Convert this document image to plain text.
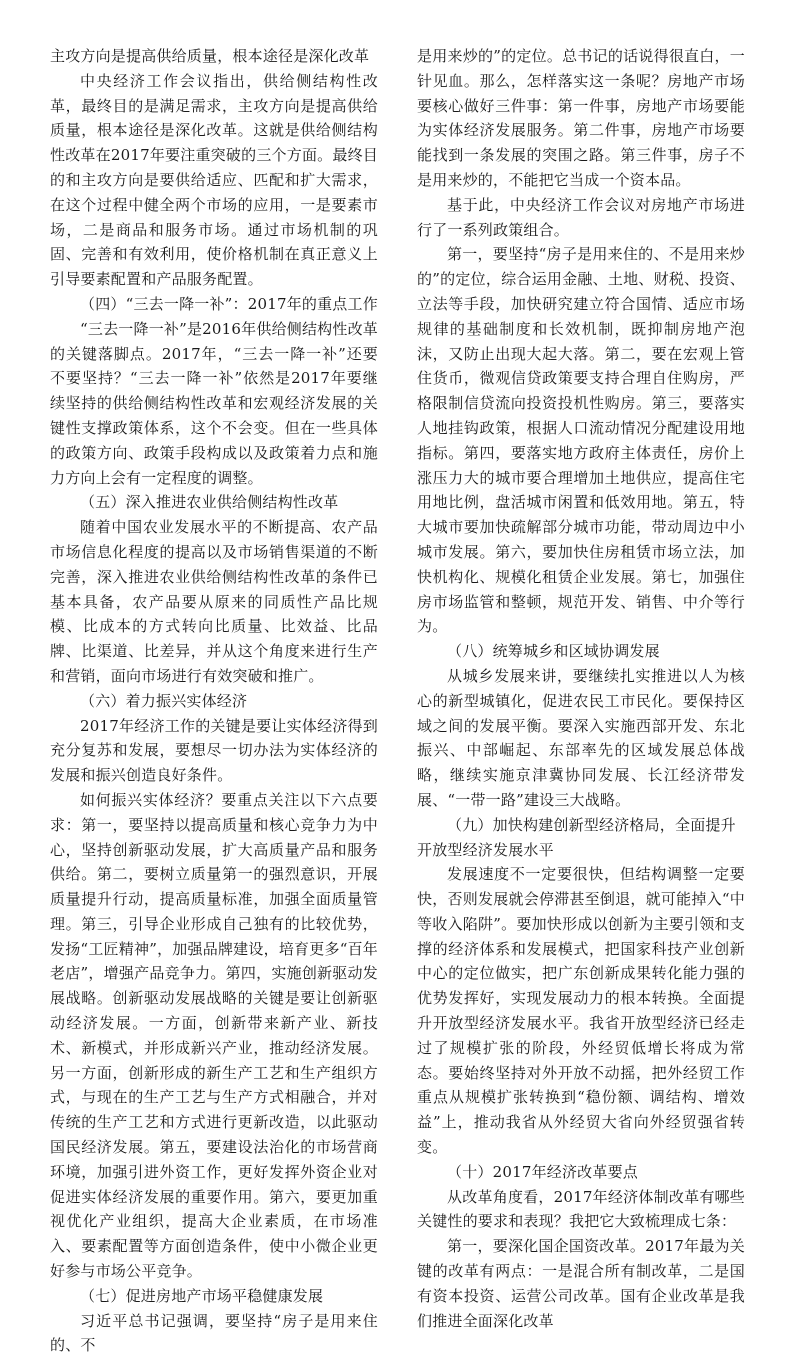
主攻方向是提高供给质量，根本途径是深化改革

中央经济工作会议指出，供给侧结构性改革，最终目的是满足需求，主攻方向是提高供给质量，根本途径是深化改革。这就是供给侧结构性改革在2017年要注重突破的三个方面。最终目的和主攻方向是要供给适应、匹配和扩大需求，在这个过程中健全两个市场的应用，一是要素市场，二是商品和服务市场。通过市场机制的巩固、完善和有效利用，使价格机制在真正意义上引导要素配置和产品服务配置。

（四）“三去一降一补”：2017年的重点工作

“三去一降一补”是2016年供给侧结构性改革的关键落脚点。2017年，“三去一降一补”还要不要坚持？“三去一降一补”依然是2017年要继续坚持的供给侧结构性改革和宏观经济发展的关键性支撑政策体系，这个不会变。但在一些具体的政策方向、政策手段构成以及政策着力点和施力方向上会有一定程度的调整。

（五）深入推进农业供给侧结构性改革

随着中国农业发展水平的不断提高、农产品市场信息化程度的提高以及市场销售渠道的不断完善，深入推进农业供给侧结构性改革的条件已基本具备，农产品要从原来的同质性产品比规模、比成本的方式转向比质量、比效益、比品牌、比渠道、比差异，并从这个角度来进行生产和营销，面向市场进行有效突破和推广。

（六）着力振兴实体经济

2017年经济工作的关键是要让实体经济得到充分复苏和发展，要想尽一切办法为实体经济的发展和振兴创造良好条件。

如何振兴实体经济？要重点关注以下六点要求：第一，要坚持以提高质量和核心竞争力为中心，坚持创新驱动发展，扩大高质量产品和服务供给。第二，要树立质量第一的强烈意识，开展质量提升行动，提高质量标准，加强全面质量管理。第三，引导企业形成自己独有的比较优势，发扬“工匠精神”，加强品牌建设，培育更多“百年老店”，增强产品竞争力。第四，实施创新驱动发展战略。创新驱动发展战略的关键是要让创新驱动经济发展。一方面，创新带来新产业、新技术、新模式，并形成新兴产业，推动经济发展。另一方面，创新形成的新生产工艺和生产组织方式，与现在的生产工艺与生产方式相融合，并对传统的生产工艺和方式进行更新改造，以此驱动国民经济发展。第五，要建设法治化的市场营商环境，加强引进外资工作，更好发挥外资企业对促进实体经济发展的重要作用。第六，要更加重视优化产业组织，提高大企业素质，在市场准入、要素配置等方面创造条件，使中小微企业更好参与市场公平竞争。

（七）促进房地产市场平稳健康发展

习近平总书记强调，要坚持“房子是用来住的、不

是用来炒的”的定位。总书记的话说得很直白，一针见血。那么，怎样落实这一条呢？房地产市场要核心做好三件事：第一件事，房地产市场要能为实体经济发展服务。第二件事，房地产市场要能找到一条发展的突围之路。第三件事，房子不是用来炒的，不能把它当成一个资本品。

基于此，中央经济工作会议对房地产市场进行了一系列政策组合。

第一，要坚持“房子是用来住的、不是用来炒的”的定位，综合运用金融、土地、财税、投资、立法等手段，加快研究建立符合国情、适应市场规律的基础制度和长效机制，既抑制房地产泡沫，又防止出现大起大落。第二，要在宏观上管住货币，微观信贷政策要支持合理自住购房，严格限制信贷流向投资投机性购房。第三，要落实人地挂钩政策，根据人口流动情况分配建设用地指标。第四，要落实地方政府主体责任，房价上涨压力大的城市要合理增加土地供应，提高住宅用地比例，盘活城市闲置和低效用地。第五，特大城市要加快疏解部分城市功能，带动周边中小城市发展。第六，要加快住房租赁市场立法，加快机构化、规模化租赁企业发展。第七，加强住房市场监管和整顿，规范开发、销售、中介等行为。

（八）统筹城乡和区域协调发展

从城乡发展来讲，要继续扎实推进以人为核心的新型城镇化，促进农民工市民化。要保持区域之间的发展平衡。要深入实施西部开发、东北振兴、中部崛起、东部率先的区域发展总体战略，继续实施京津冀协同发展、长江经济带发展、“一带一路”建设三大战略。

（九）加快构建创新型经济格局，全面提升开放型经济发展水平

发展速度不一定要很快，但结构调整一定要快，否则发展就会停滞甚至倒退，就可能掉入“中等收入陷阱”。要加快形成以创新为主要引领和支撑的经济体系和发展模式，把国家科技产业创新中心的定位做实，把广东创新成果转化能力强的优势发挥好，实现发展动力的根本转换。全面提升开放型经济发展水平。我省开放型经济已经走过了规模扩张的阶段，外经贸低增长将成为常态。要始终坚持对外开放不动摇，把外经贸工作重点从规模扩张转换到“稳份额、调结构、增效益”上，推动我省从外经贸大省向外经贸强省转变。

（十）2017年经济改革要点

从改革角度看，2017年经济体制改革有哪些关键性的要求和表现？我把它大致梳理成七条：

第一，要深化国企国资改革。2017年最为关键的改革有两点：一是混合所有制改革，二是国有资本投资、运营公司改革。国有企业改革是我们推进全面深化改革
